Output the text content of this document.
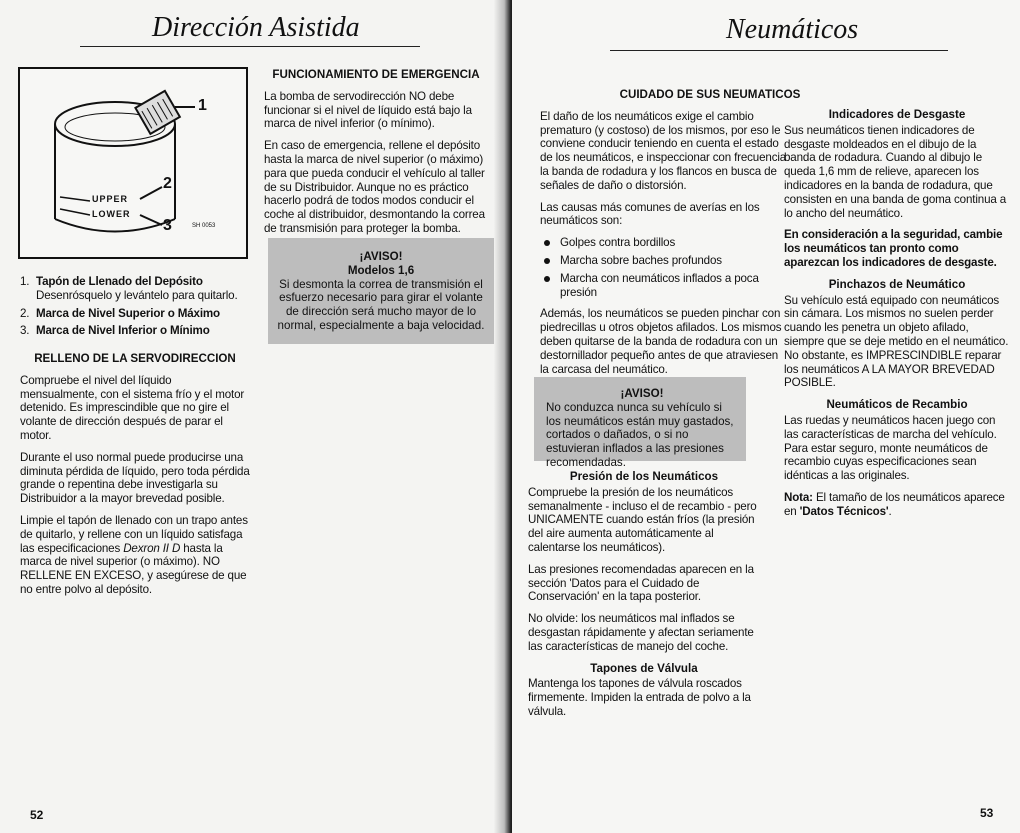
Dirección Asistida
1
2
3
UPPER
LOWER
SH 0053
1. Tapón de Llenado del Depósito
Desenrósquelo y levántelo para quitarlo.
2. Marca de Nivel Superior o Máximo
3. Marca de Nivel Inferior o Mínimo

RELLENO DE LA SERVODIRECCION

Compruebe el nivel del líquido mensualmente, con el sistema frío y el motor detenido. Es imprescindible que no gire el volante de dirección después de parar el motor.

Durante el uso normal puede producirse una diminuta pérdida de líquido, pero toda pérdida grande o repentina debe investigarla su Distribuidor a la mayor brevedad posible.

Limpie el tapón de llenado con un trapo antes de quitarlo, y rellene con un líquido satisfaga las especificaciones Dexron II D hasta la marca de nivel superior (o máximo). NO RELLENE EN EXCESO, y asegúrese de que no entre polvo al depósito.

FUNCIONAMIENTO DE EMERGENCIA

La bomba de servodirección NO debe funcionar si el nivel de líquido está bajo la marca de nivel inferior (o mínimo).

En caso de emergencia, rellene el depósito hasta la marca de nivel superior (o máximo) para que pueda conducir el vehículo al taller de su Distribuidor. Aunque no es práctico hacerlo podrá de todos modos conducir el coche al distribuidor, desmontando la correa de transmisión para proteger la bomba.

¡AVISO!
Modelos 1,6
Si desmonta la correa de transmisión el esfuerzo necesario para girar el volante de dirección será mucho mayor de lo normal, especialmente a baja velocidad.
52
Neumáticos

CUIDADO DE SUS NEUMATICOS

El daño de los neumáticos exige el cambio prematuro (y costoso) de los mismos, por eso le conviene conducir teniendo en cuenta el estado de los neumáticos, e inspeccionar con frecuencia la banda de rodadura y los flancos en busca de señales de daño o distorsión.

Las causas más comunes de averías en los neumáticos son:

Golpes contra bordillos
Marcha sobre baches profundos
Marcha con neumáticos inflados a poca presión

Además, los neumáticos se pueden pinchar con piedrecillas u otros objetos afilados. Los mismos deben quitarse de la banda de rodadura con un destornillador pequeño antes de que atraviesen la carcasa del neumático.

¡AVISO!
No conduzca nunca su vehículo si los neumáticos están muy gastados, cortados o dañados, o si no estuvieran inflados a las presiones recomendadas.

Presión de los Neumáticos

Compruebe la presión de los neumáticos semanalmente - incluso el de recambio - pero UNICAMENTE cuando están fríos (la presión del aire aumenta automáticamente al calentarse los neumáticos).

Las presiones recomendadas aparecen en la sección 'Datos para el Cuidado de Conservación' en la tapa posterior.

No olvide: los neumáticos mal inflados se desgastan rápidamente y afectan seriamente las características de manejo del coche.

Tapones de Válvula

Mantenga los tapones de válvula roscados firmemente. Impiden la entrada de polvo a la válvula.

Indicadores de Desgaste

Sus neumáticos tienen indicadores de desgaste moldeados en el dibujo de la banda de rodadura. Cuando al dibujo le queda 1,6 mm de relieve, aparecen los indicadores en la banda de rodadura, que consisten en una banda de goma continua a lo ancho del neumático.

En consideración a la seguridad, cambie los neumáticos tan pronto como aparezcan los indicadores de desgaste.

Pinchazos de Neumático

Su vehículo está equipado con neumáticos sin cámara. Los mismos no suelen perder cuando les penetra un objeto afilado, siempre que se deje metido en el neumático. No obstante, es IMPRESCINDIBLE reparar los neumáticos A LA MAYOR BREVEDAD POSIBLE.

Neumáticos de Recambio

Las ruedas y neumáticos hacen juego con las características de marcha del vehículo. Para estar seguro, monte neumáticos de recambio cuyas especificaciones sean idénticas a las originales.

Nota: El tamaño de los neumáticos aparece en 'Datos Técnicos'.

53
